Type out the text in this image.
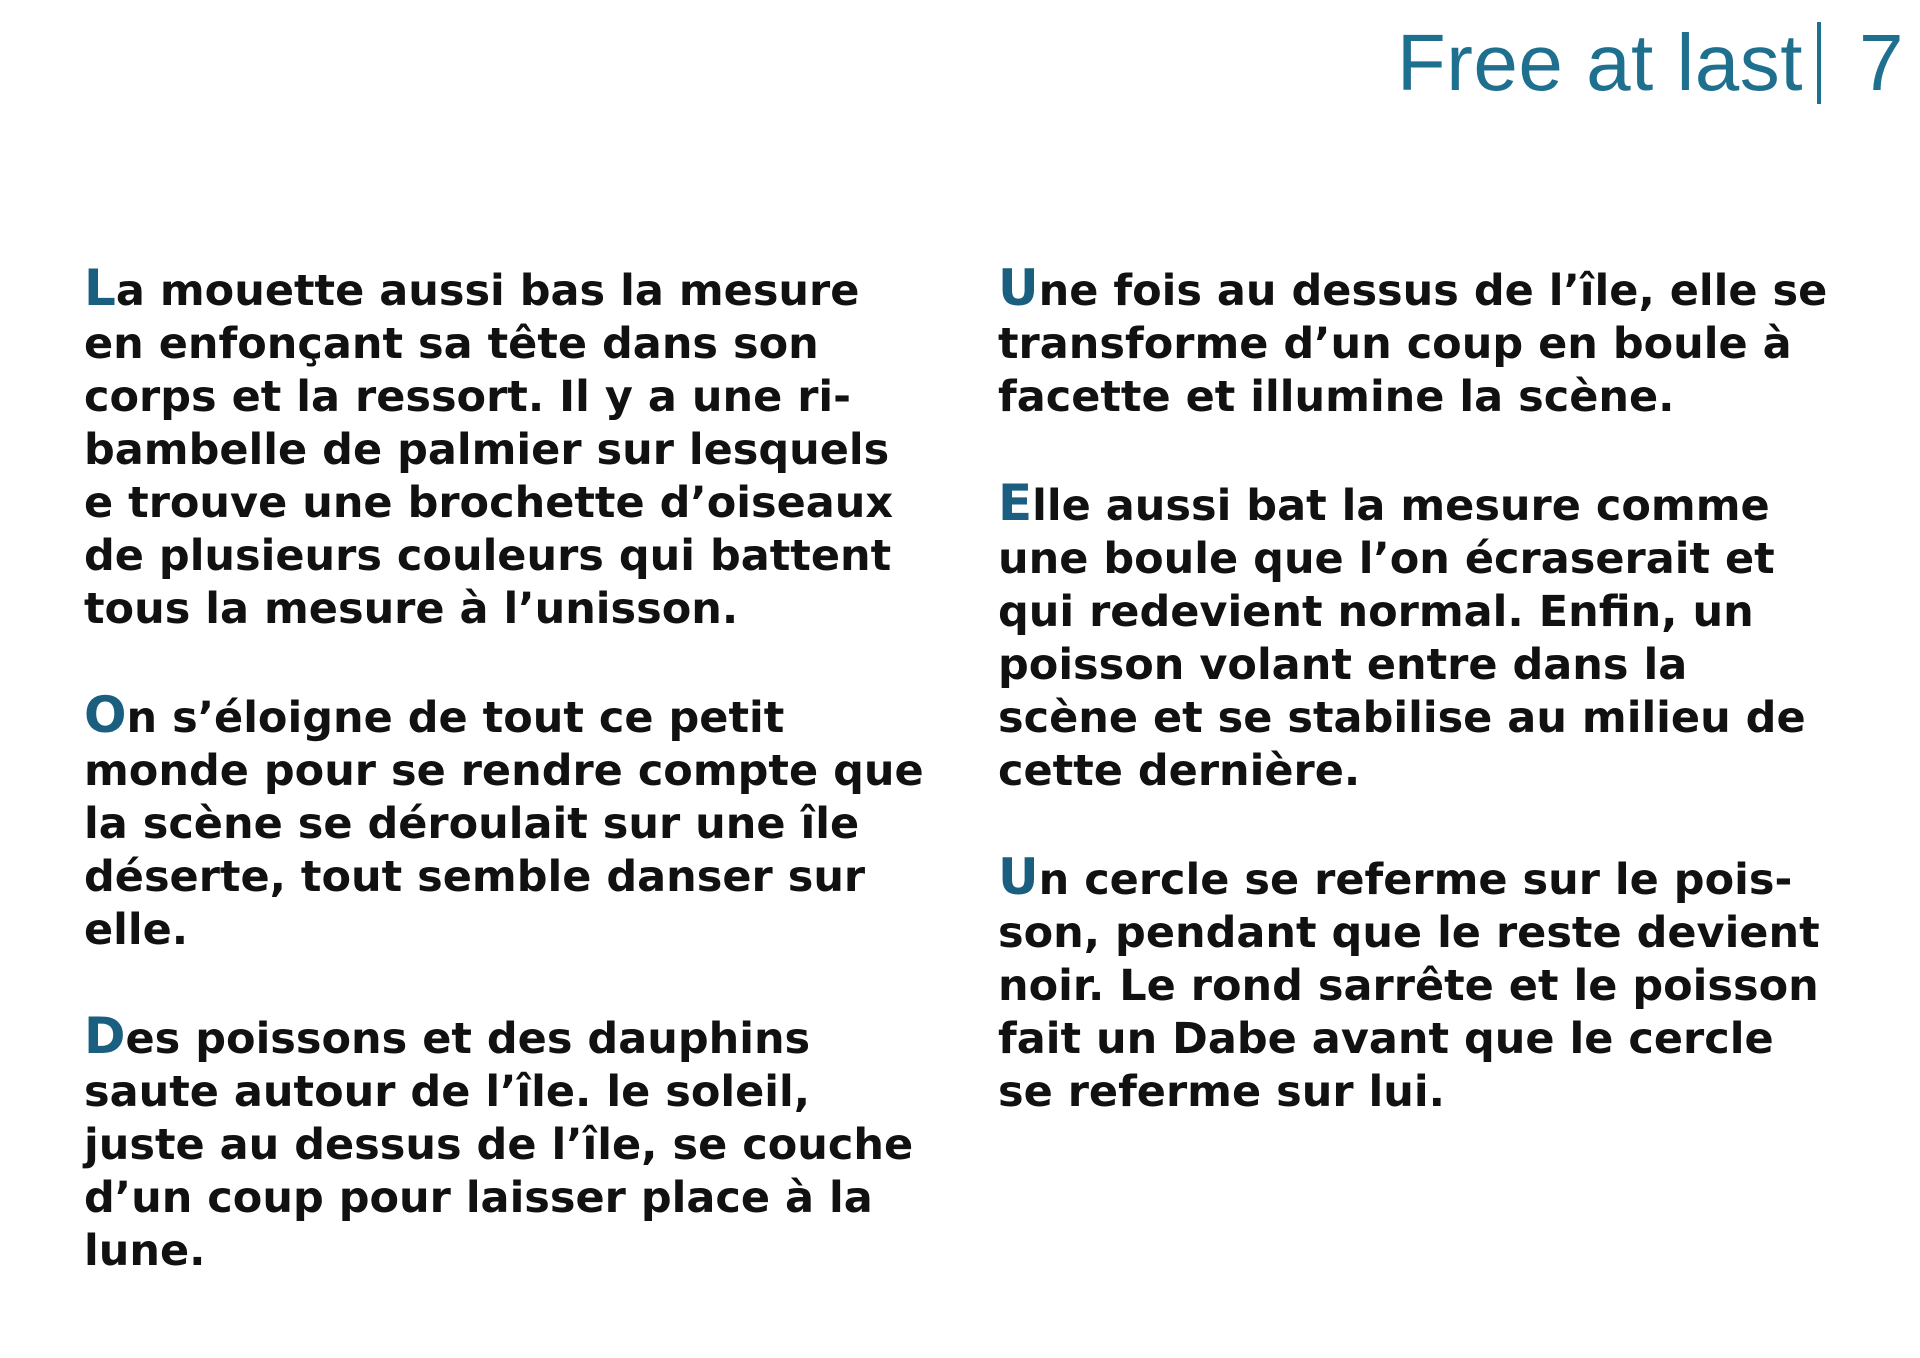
Free at last 7

La mouette aussi bas la mesure en enfonçant sa tête dans son corps et la ressort. Il y a une ri-bambelle de palmier sur lesquels e trouve une brochette d’oiseaux de plusieurs couleurs qui battent tous la mesure à l’unisson.

On s’éloigne de tout ce petit monde pour se rendre compte que la scène se déroulait sur une île déserte, tout semble danser sur elle.

Des poissons et des dauphins saute autour de l’île. le soleil, juste au dessus de l’île, se couche d’un coup pour laisser place à la lune.

Une fois au dessus de l’île, elle se transforme d’un coup en boule à facette et illumine la scène.

Elle aussi bat la mesure comme une boule que l’on écraserait et qui redevient normal. Enfin, un poisson volant entre dans la scène et se stabilise au milieu de cette dernière.

Un cercle se referme sur le pois-son, pendant que le reste devient noir. Le rond sarrête et le poisson fait un Dabe avant que le cercle se referme sur lui.
